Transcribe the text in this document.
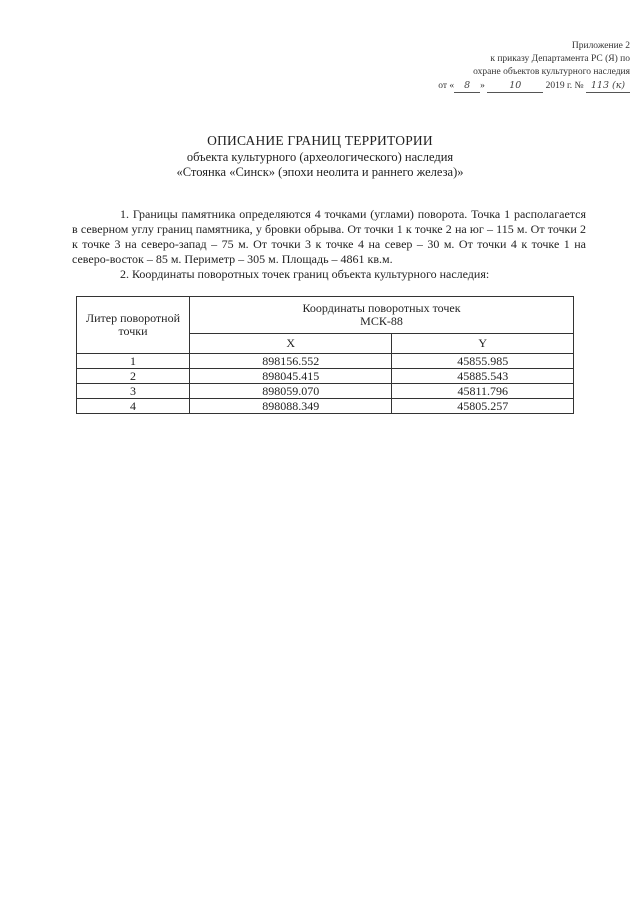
Приложение 2
к приказу Департамента РС (Я) по
охране объектов культурного наследия
от « 8 »	10	2019 г. № 113 (к)
ОПИСАНИЕ ГРАНИЦ ТЕРРИТОРИИ
объекта культурного (археологического) наследия
«Стоянка «Синск» (эпохи неолита и раннего железа)»

1. Границы памятника определяются 4 точками (углами) поворота. Точка 1 располагается в северном углу границ памятника, у бровки обрыва. От точки 1 к точке 2 на юг – 115 м. От точки 2 к точке 3 на северо-запад – 75 м. От точки 3 к точке 4 на север – 30 м. От точки 4 к точке 1 на северо-восток – 85 м. Периметр – 305 м. Площадь – 4861 кв.м.

2. Координаты поворотных точек границ объекта культурного наследия:

Литер поворотной точки	Координаты поворотных точек
МСК-88	

	X	Y
1	898156.552	45855.985
2	898045.415	45885.543
3	898059.070	45811.796
4	898088.349	45805.257
